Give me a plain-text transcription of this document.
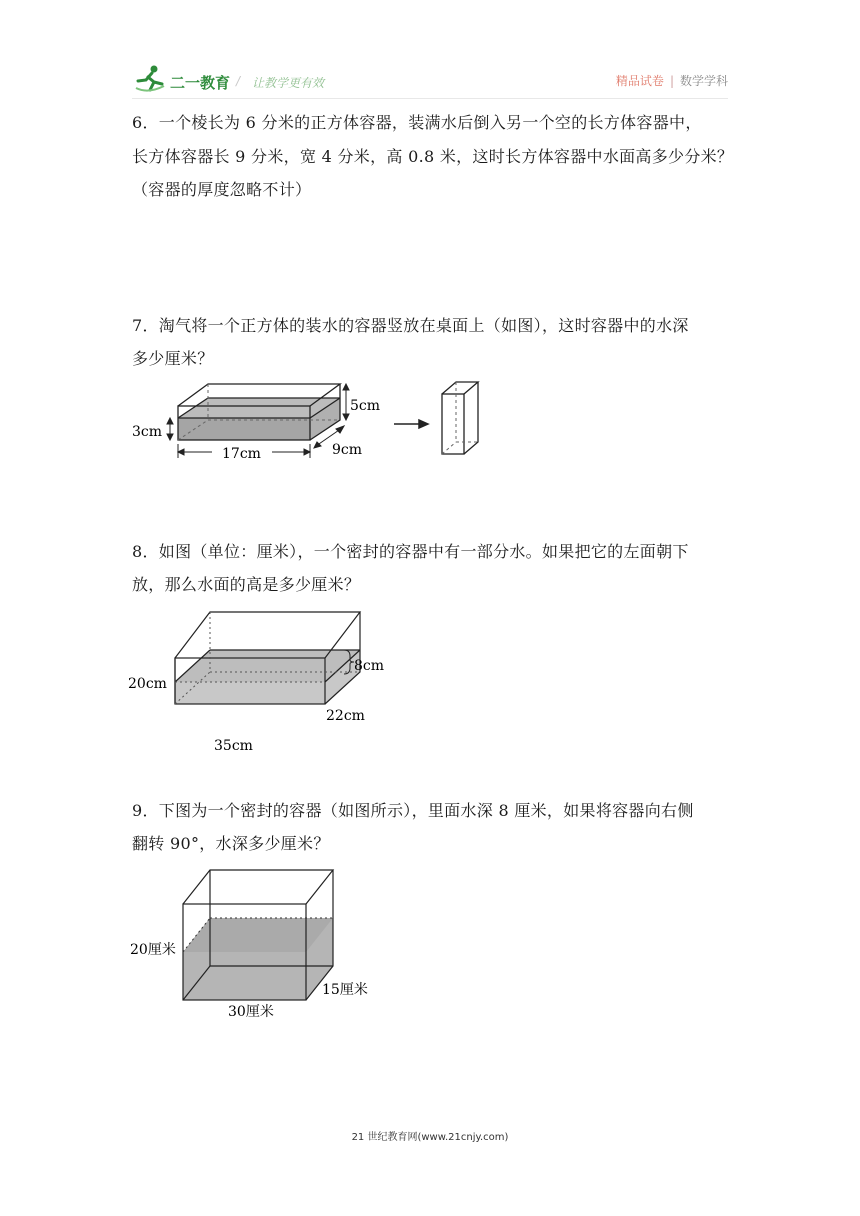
二一教育 / 让教学更有效	精品试卷 | 数学学科
6．一个棱长为 6 分米的正方体容器，装满水后倒入另一个空的长方体容器中，
长方体容器长 9 分米，宽 4 分米，高 0.8 米，这时长方体容器中水面高多少分米？
（容器的厚度忽略不计）
7．淘气将一个正方体的装水的容器竖放在桌面上（如图），这时容器中的水深
多少厘米？
5cm
3cm
17cm	9cm
8．如图（单位：厘米），一个密封的容器中有一部分水。如果把它的左面朝下
放，那么水面的高是多少厘米？
8cm
20cm
22cm
35cm
9．下图为一个密封的容器（如图所示），里面水深 8 厘米，如果将容器向右侧
翻转 90°，水深多少厘米？
20厘米
15厘米
30厘米
21 世纪教育网(www.21cnjy.com)
